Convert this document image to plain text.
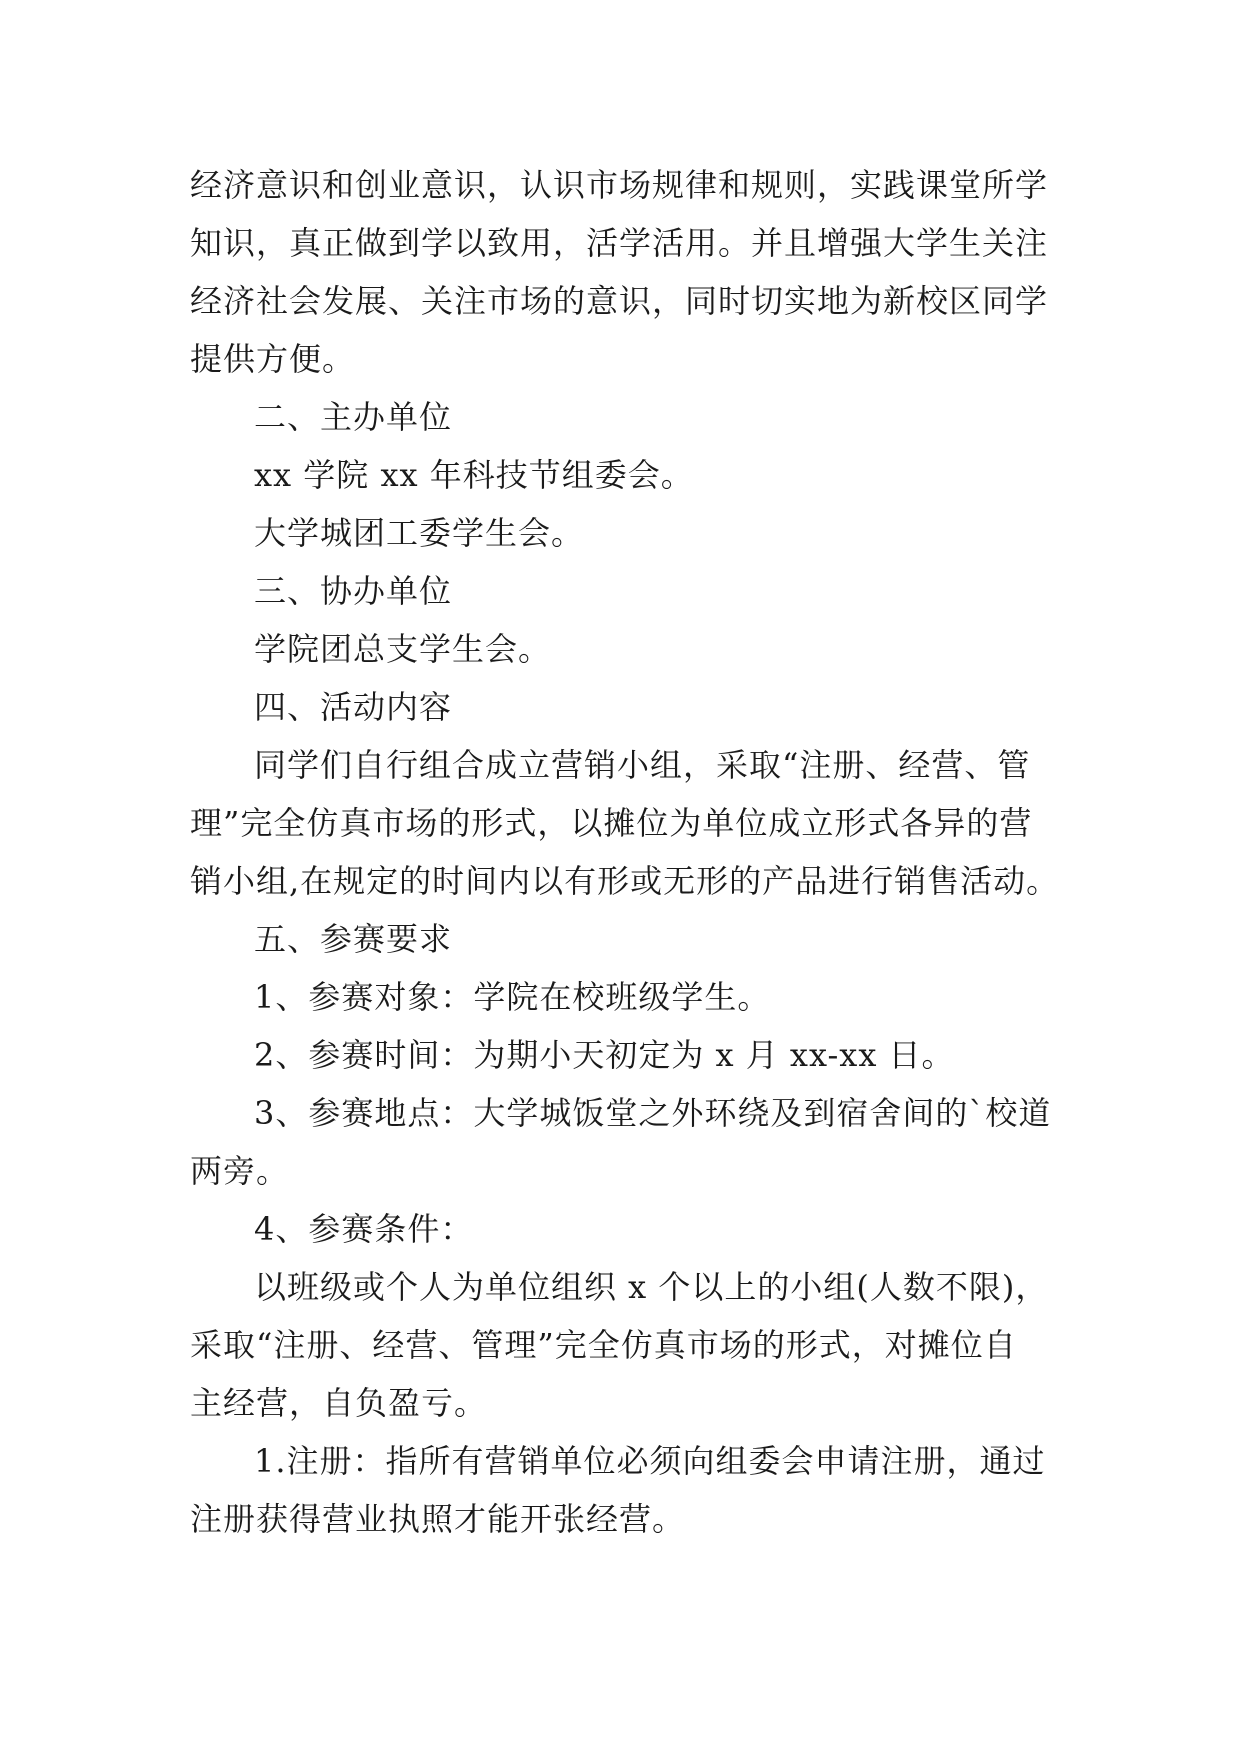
经济意识和创业意识，认识市场规律和规则，实践课堂所学
知识，真正做到学以致用，活学活用。并且增强大学生关注
经济社会发展、关注市场的意识，同时切实地为新校区同学
提供方便。

二、主办单位

xx 学院 xx 年科技节组委会。

大学城团工委学生会。

三、协办单位

学院团总支学生会。

四、活动内容

同学们自行组合成立营销小组，采取“注册、经营、管
理”完全仿真市场的形式，以摊位为单位成立形式各异的营
销小组,在规定的时间内以有形或无形的产品进行销售活动。

五、参赛要求

1、参赛对象：学院在校班级学生。

2、参赛时间：为期小天初定为 x 月 xx-xx 日。

3、参赛地点：大学城饭堂之外环绕及到宿舍间的`校道
两旁。

4、参赛条件：

以班级或个人为单位组织 x 个以上的小组(人数不限)，
采取“注册、经营、管理”完全仿真市场的形式，对摊位自
主经营，自负盈亏。

1.注册：指所有营销单位必须向组委会申请注册，通过
注册获得营业执照才能开张经营。
